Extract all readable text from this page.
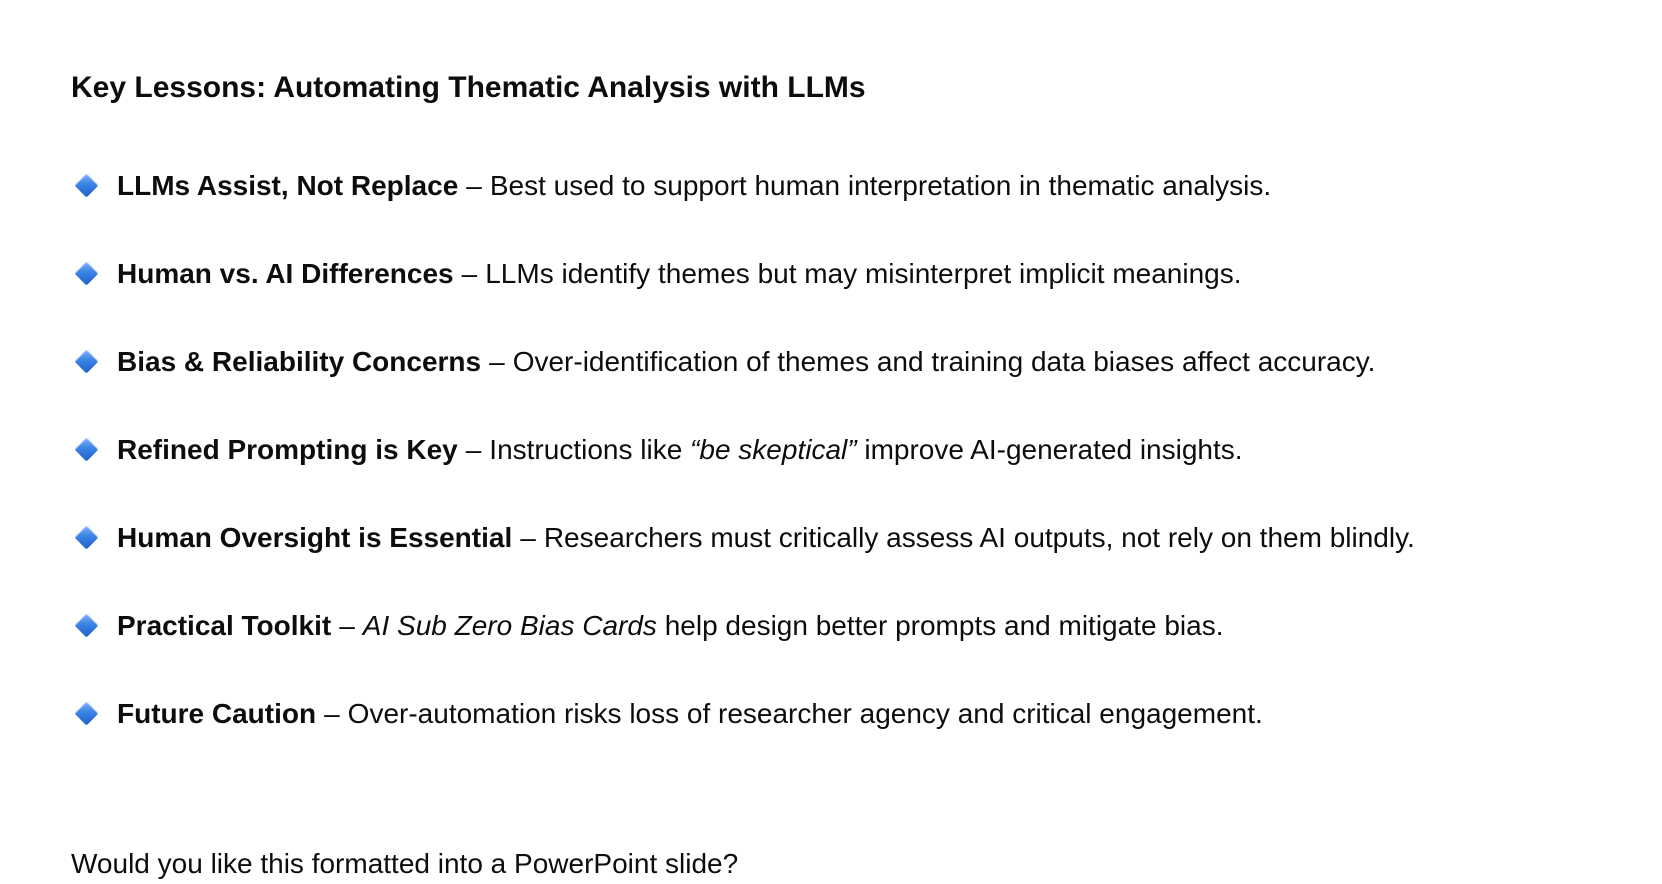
Key Lessons: Automating Thematic Analysis with LLMs
LLMs Assist, Not Replace – Best used to support human interpretation in thematic analysis.
Human vs. AI Differences – LLMs identify themes but may misinterpret implicit meanings.
Bias & Reliability Concerns – Over-identification of themes and training data biases affect accuracy.
Refined Prompting is Key – Instructions like “be skeptical” improve AI-generated insights.
Human Oversight is Essential – Researchers must critically assess AI outputs, not rely on them blindly.
Practical Toolkit – AI Sub Zero Bias Cards help design better prompts and mitigate bias.
Future Caution – Over-automation risks loss of researcher agency and critical engagement.

Would you like this formatted into a PowerPoint slide?
